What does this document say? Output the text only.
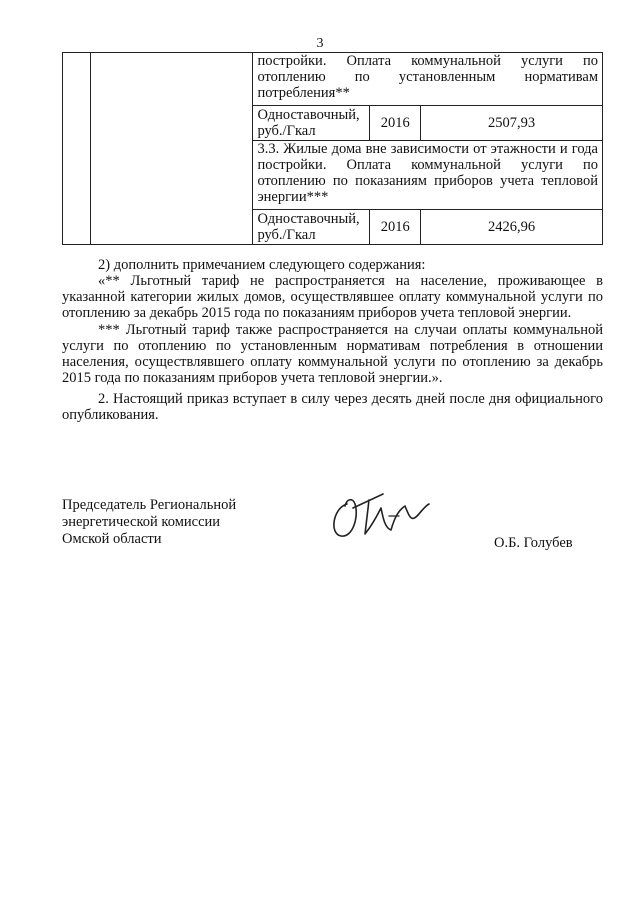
3
		постройки. Оплата коммунальной услуги по отоплению по установленным нормативам потребления**		
		Одноставочный, руб./Гкал	2016	2507,93
		3.3. Жилые дома вне зависимости от этажности и года постройки. Оплата коммунальной услуги по отоплению по показаниям приборов учета тепловой энергии***		
		Одноставочный, руб./Гкал	2016	2426,96

2) дополнить примечанием следующего содержания:

«** Льготный тариф не распространяется на население, проживающее в указанной категории жилых домов, осуществлявшее оплату коммунальной услуги по отоплению за декабрь 2015 года по показаниям приборов учета тепловой энергии.

*** Льготный тариф также распространяется на случаи оплаты коммунальной услуги по отоплению по установленным нормативам потребления в отношении населения, осуществлявшего оплату коммунальной услуги по отоплению за декабрь 2015 года по показаниям приборов учета тепловой энергии.».

2. Настоящий приказ вступает в силу через десять дней после дня официального опубликования.

Председатель Региональной
энергетической комиссии
Омской области	О.Б. Голубев
